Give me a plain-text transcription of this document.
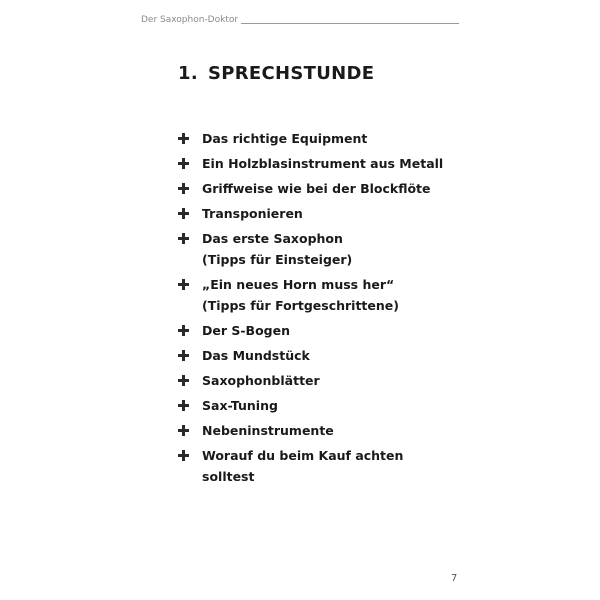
Der Saxophon-Doktor
1. SPRECHSTUNDE
Das richtige Equipment
Ein Holzblasinstrument aus Metall
Griffweise wie bei der Blockflöte
Transponieren
Das erste Saxophon
(Tipps für Einsteiger)
„Ein neues Horn muss her“
(Tipps für Fortgeschrittene)
Der S-Bogen
Das Mundstück
Saxophonblätter
Sax-Tuning
Nebeninstrumente
Worauf du beim Kauf achten
solltest
7
